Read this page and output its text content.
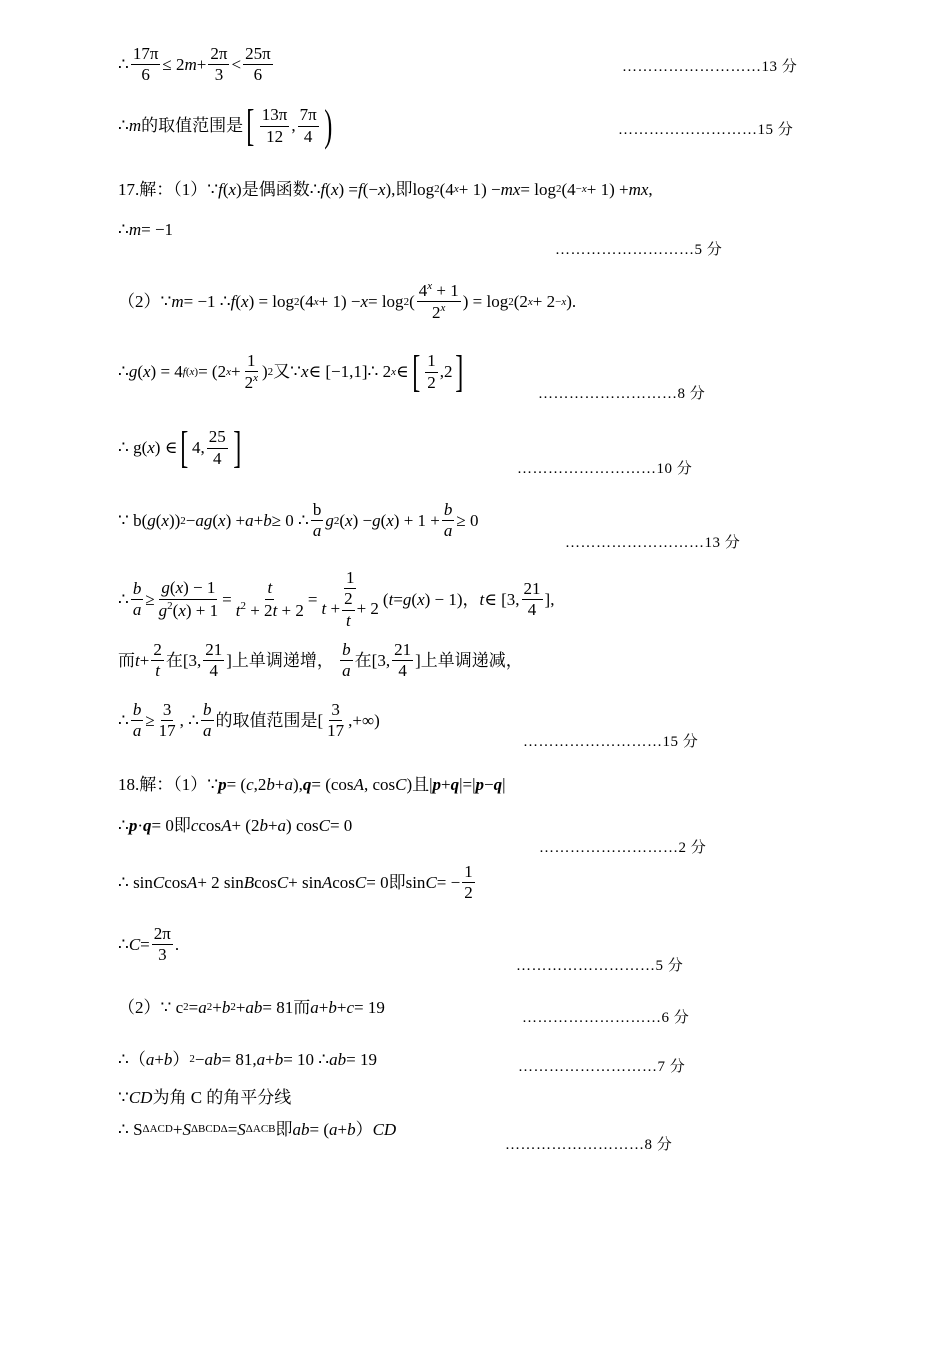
∴ $\frac{17\pi}{6} \le 2$ $m + \frac{2\pi}{3} < \frac{25\pi}{6}$	………………………13 分
∴ m 的取值范围是 [ $\frac{13\pi}{12}$ , $\frac{7\pi}{4}$ )	………………………15 分
17.解：（1） ∵ f ( x ) 是偶函数 ∴ f ( x ) = f (− x ), 即 log 2 (4 x + 1) − mx = log 2 (4 −x + 1) + mx ,
∴ m = −1
………………………5 分
（2） ∵ m = −1 ∴ f ( x ) = log 2 (4 x + 1) − x = log 2 ( $\frac{4^x + 1}{2^x}$ ) = log 2 (2 x + 2 −x ).
∴ g ( x ) = 4 f(x) = (2 $x + \frac{1}{2^x}$ ) 2 又 ∵ x ∈ [−1,1]∴ 2 x ∈ [ $\frac{1}{2} ,2$ ]	………………………8 分
∴ g( x ) ∈ [ 4, $\frac{25}{4}$ ]	………………………10 分
∵ b( g ( x )) 2 − ag ( x ) + a + b ≥ 0 ∴ $\frac{b}{a}$ g 2 ( x ) − g ( x ) + $1 + \frac{b}{a} \ge 0$
………………………13 分
∴ $\frac{b}{a} \ge \frac{g(x) - 1}{g^2(x) + 1} = \frac{t}{t^2 + 2t + 2} = \frac{1}{t + \frac{2}{t} + 2}$ ( t = g ( x ) − 1)， t ∈ [3, $\frac{21}{4}$ ],
而 $t + \frac{2}{t}$ 在 [3, $\frac{21}{4}$ ] 上单调递增，
$\frac{b}{a}$ 在 [3, $\frac{21}{4}$ ] 上单调递减，
∴ $\frac{b}{a} \ge \frac{3}{17}$ , ∴ $\frac{b}{a}$ 的取值范围是 [ $\frac{3}{17}$ ,+∞)
………………………15 分
18.解：（1） ∵ p = ( c ,2 b + a ), q = (cos A , cos C ) 且 | p + q |=| p − q |
∴ p · q = 0 即 c cos A + (2 b + a ) cos C = 0
………………………2 分
∴ sin C cos A + 2 sin B cos C + sin A cos C = 0 即 sin C = − $\frac{1}{2}$
∴ $C = \frac{2\pi}{3}$ .
………………………5 分
（2） ∵ c 2 = a 2 + b 2 + ab = 81 而 a + b + c = 19
………………………6 分
∴（ a + b ） 2 − ab = 81, a + b = 10 ∴ ab = 19	………………………7 分
∵ CD 为角 C 的角平分线
∴ S ΔACD + S ΔBCDΔ = S ΔACB 即 ab = ( a + b ） CD
………………………8 分
